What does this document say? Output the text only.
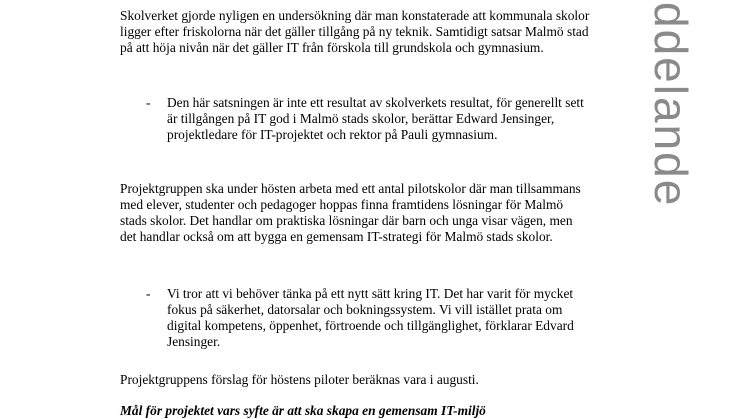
Skolverket gjorde nyligen en undersökning där man konstaterade att kommunala skolor ligger efter friskolorna när det gäller tillgång på ny teknik. Samtidigt satsar Malmö stad på att höja nivån när det gäller IT från förskola till grundskola och gymnasium.

- Den här satsningen är inte ett resultat av skolverkets resultat, för generellt sett är tillgången på IT god i Malmö stads skolor, berättar Edward Jensinger, projektledare för IT-projektet och rektor på Pauli gymnasium.

Projektgruppen ska under hösten arbeta med ett antal pilotskolor där man tillsammans med elever, studenter och pedagoger hoppas finna framtidens lösningar för Malmö stads skolor. Det handlar om praktiska lösningar där barn och unga visar vägen, men det handlar också om att bygga en gemensam IT-strategi för Malmö stads skolor.

- Vi tror att vi behöver tänka på ett nytt sätt kring IT. Det har varit för mycket fokus på säkerhet, datorsalar och bokningssystem. Vi vill istället prata om digital kompetens, öppenhet, förtroende och tillgänglighet, förklarar Edvard Jensinger.

Projektgruppens förslag för höstens piloter beräknas vara i augusti.

Mål för projektet vars syfte är att ska skapa en gemensam IT-miljö
ddelande
